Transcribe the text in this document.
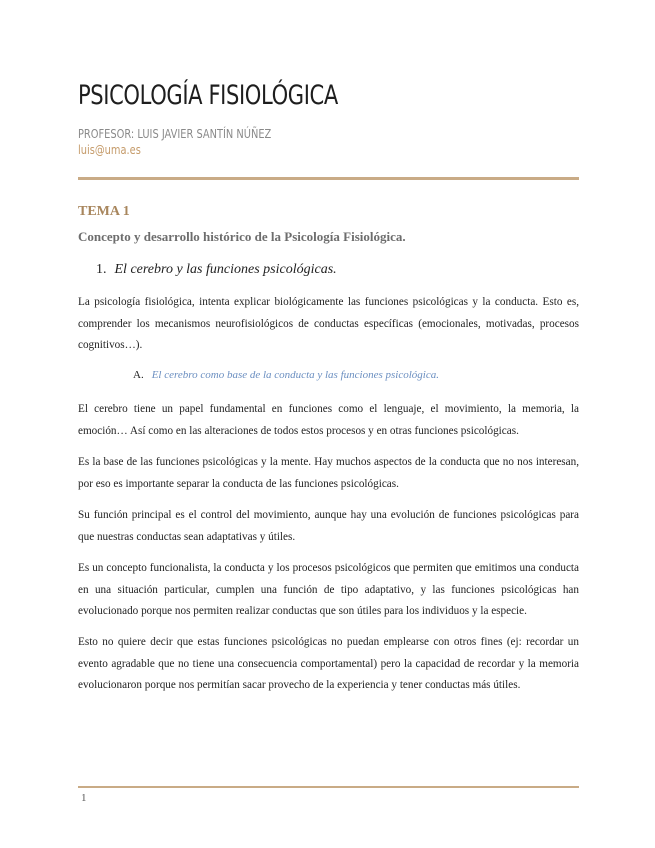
PSICOLOGÍA FISIOLÓGICA
PROFESOR: LUIS JAVIER SANTÍN NÚÑEZ
luis@uma.es
TEMA 1
Concepto y desarrollo histórico de la Psicología Fisiológica.
1. El cerebro y las funciones psicológicas.

La psicología fisiológica, intenta explicar biológicamente las funciones psicológicas y la conducta. Esto es, comprender los mecanismos neurofisiológicos de conductas específicas (emocionales, motivadas, procesos cognitivos…).

A. El cerebro como base de la conducta y las funciones psicológica.

El cerebro tiene un papel fundamental en funciones como el lenguaje, el movimiento, la memoria, la emoción… Así como en las alteraciones de todos estos procesos y en otras funciones psicológicas.

Es la base de las funciones psicológicas y la mente. Hay muchos aspectos de la conducta que no nos interesan, por eso es importante separar la conducta de las funciones psicológicas.

Su función principal es el control del movimiento, aunque hay una evolución de funciones psicológicas para que nuestras conductas sean adaptativas y útiles.

Es un concepto funcionalista, la conducta y los procesos psicológicos que permiten que emitimos una conducta en una situación particular, cumplen una función de tipo adaptativo, y las funciones psicológicas han evolucionado porque nos permiten realizar conductas que son útiles para los individuos y la especie.

Esto no quiere decir que estas funciones psicológicas no puedan emplearse con otros fines (ej: recordar un evento agradable que no tiene una consecuencia comportamental) pero la capacidad de recordar y la memoria evolucionaron porque nos permitían sacar provecho de la experiencia y tener conductas más útiles.

1
